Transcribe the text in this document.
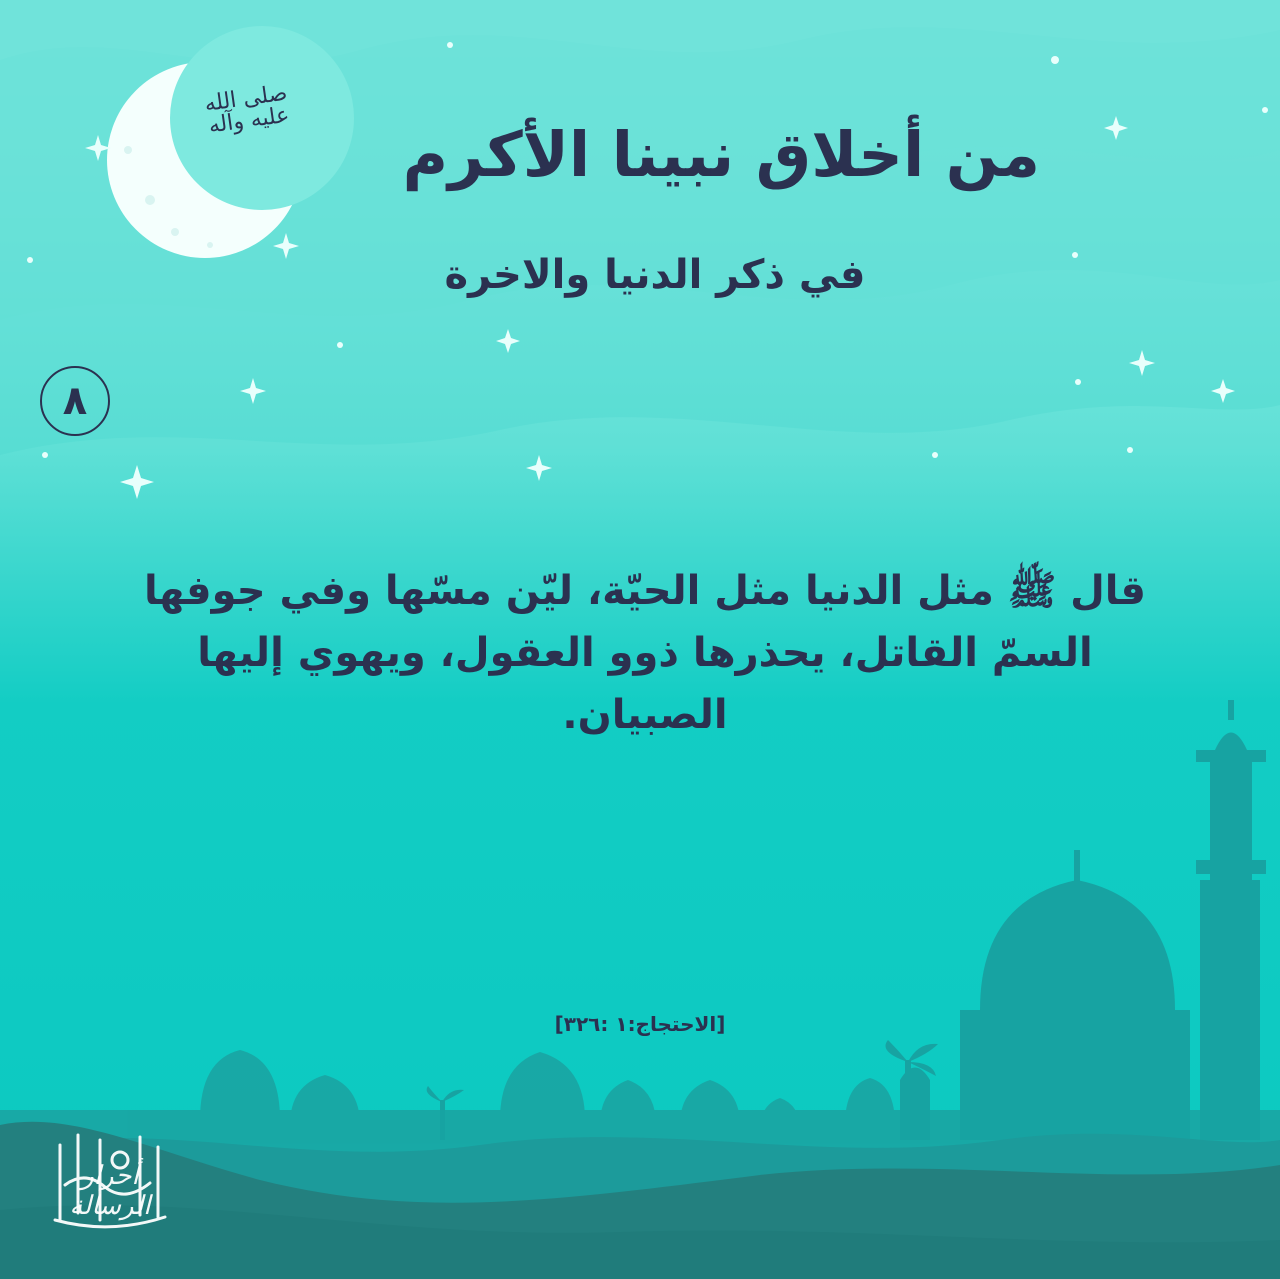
صلى الله عليه وآله	من أخلاق نبينا الأكرم
في ذكر الدنيا والاخرة
٨
قال ﷺ مثل الدنيا مثل الحيّة، ليّن مسّها وفي جوفها السمّ القاتل، يحذرها ذوو العقول، ويهوي إليها الصبيان.
[الاحتجاج:١ :٣٢٦]
أحرار الرسالة
